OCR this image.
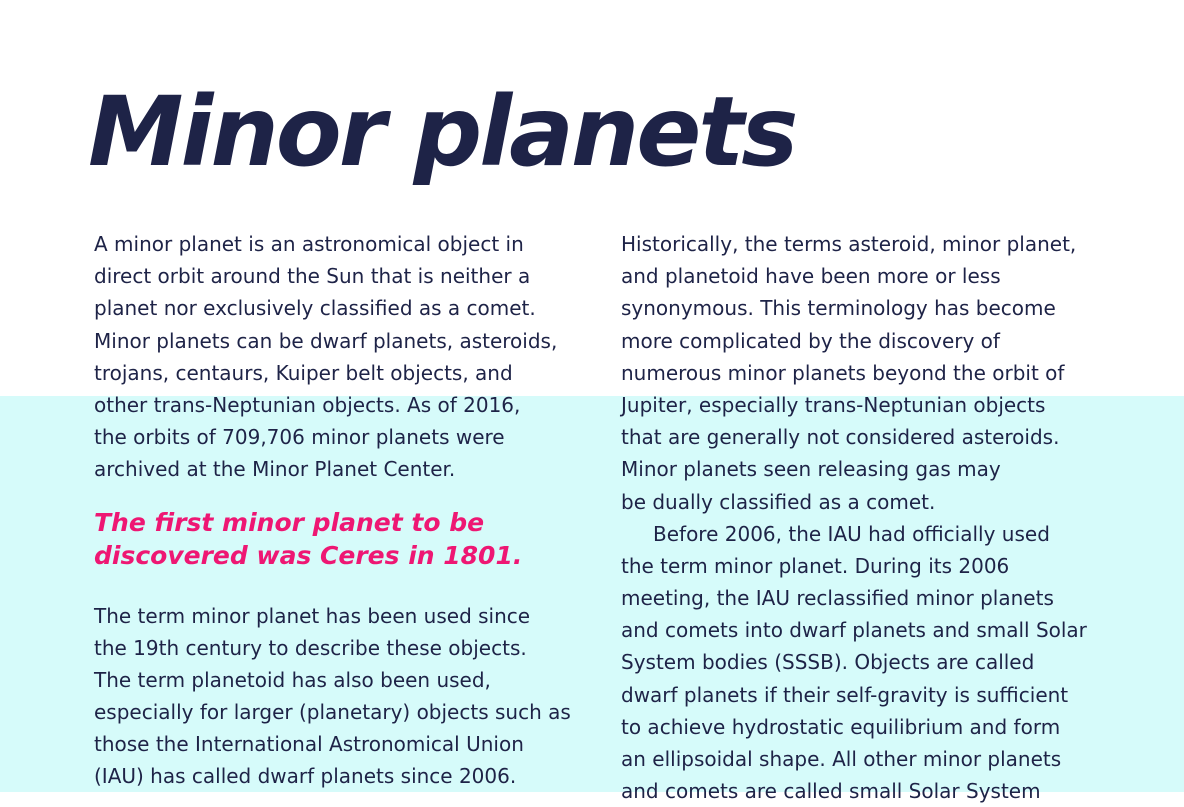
Minor planets
A minor planet is an astronomical object in
direct orbit around the Sun that is neither a
planet nor exclusively classified as a comet.
Minor planets can be dwarf planets, asteroids,
trojans, centaurs, Kuiper belt objects, and
other trans-Neptunian objects. As of 2016,
the orbits of 709,706 minor planets were
archived at the Minor Planet Center.
The first minor planet to be
discovered was Ceres in 1801.
The term minor planet has been used since
the 19th century to describe these objects.
The term planetoid has also been used,
especially for larger (planetary) objects such as
those the International Astronomical Union
(IAU) has called dwarf planets since 2006.
Historically, the terms asteroid, minor planet,
and planetoid have been more or less
synonymous. This terminology has become
more complicated by the discovery of
numerous minor planets beyond the orbit of
Jupiter, especially trans-Neptunian objects
that are generally not considered asteroids.
Minor planets seen releasing gas may
be dually classified as a comet.
Before 2006, the IAU had officially used
the term minor planet. During its 2006
meeting, the IAU reclassified minor planets
and comets into dwarf planets and small Solar
System bodies (SSSB). Objects are called
dwarf planets if their self-gravity is sufficient
to achieve hydrostatic equilibrium and form
an ellipsoidal shape. All other minor planets
and comets are called small Solar System
